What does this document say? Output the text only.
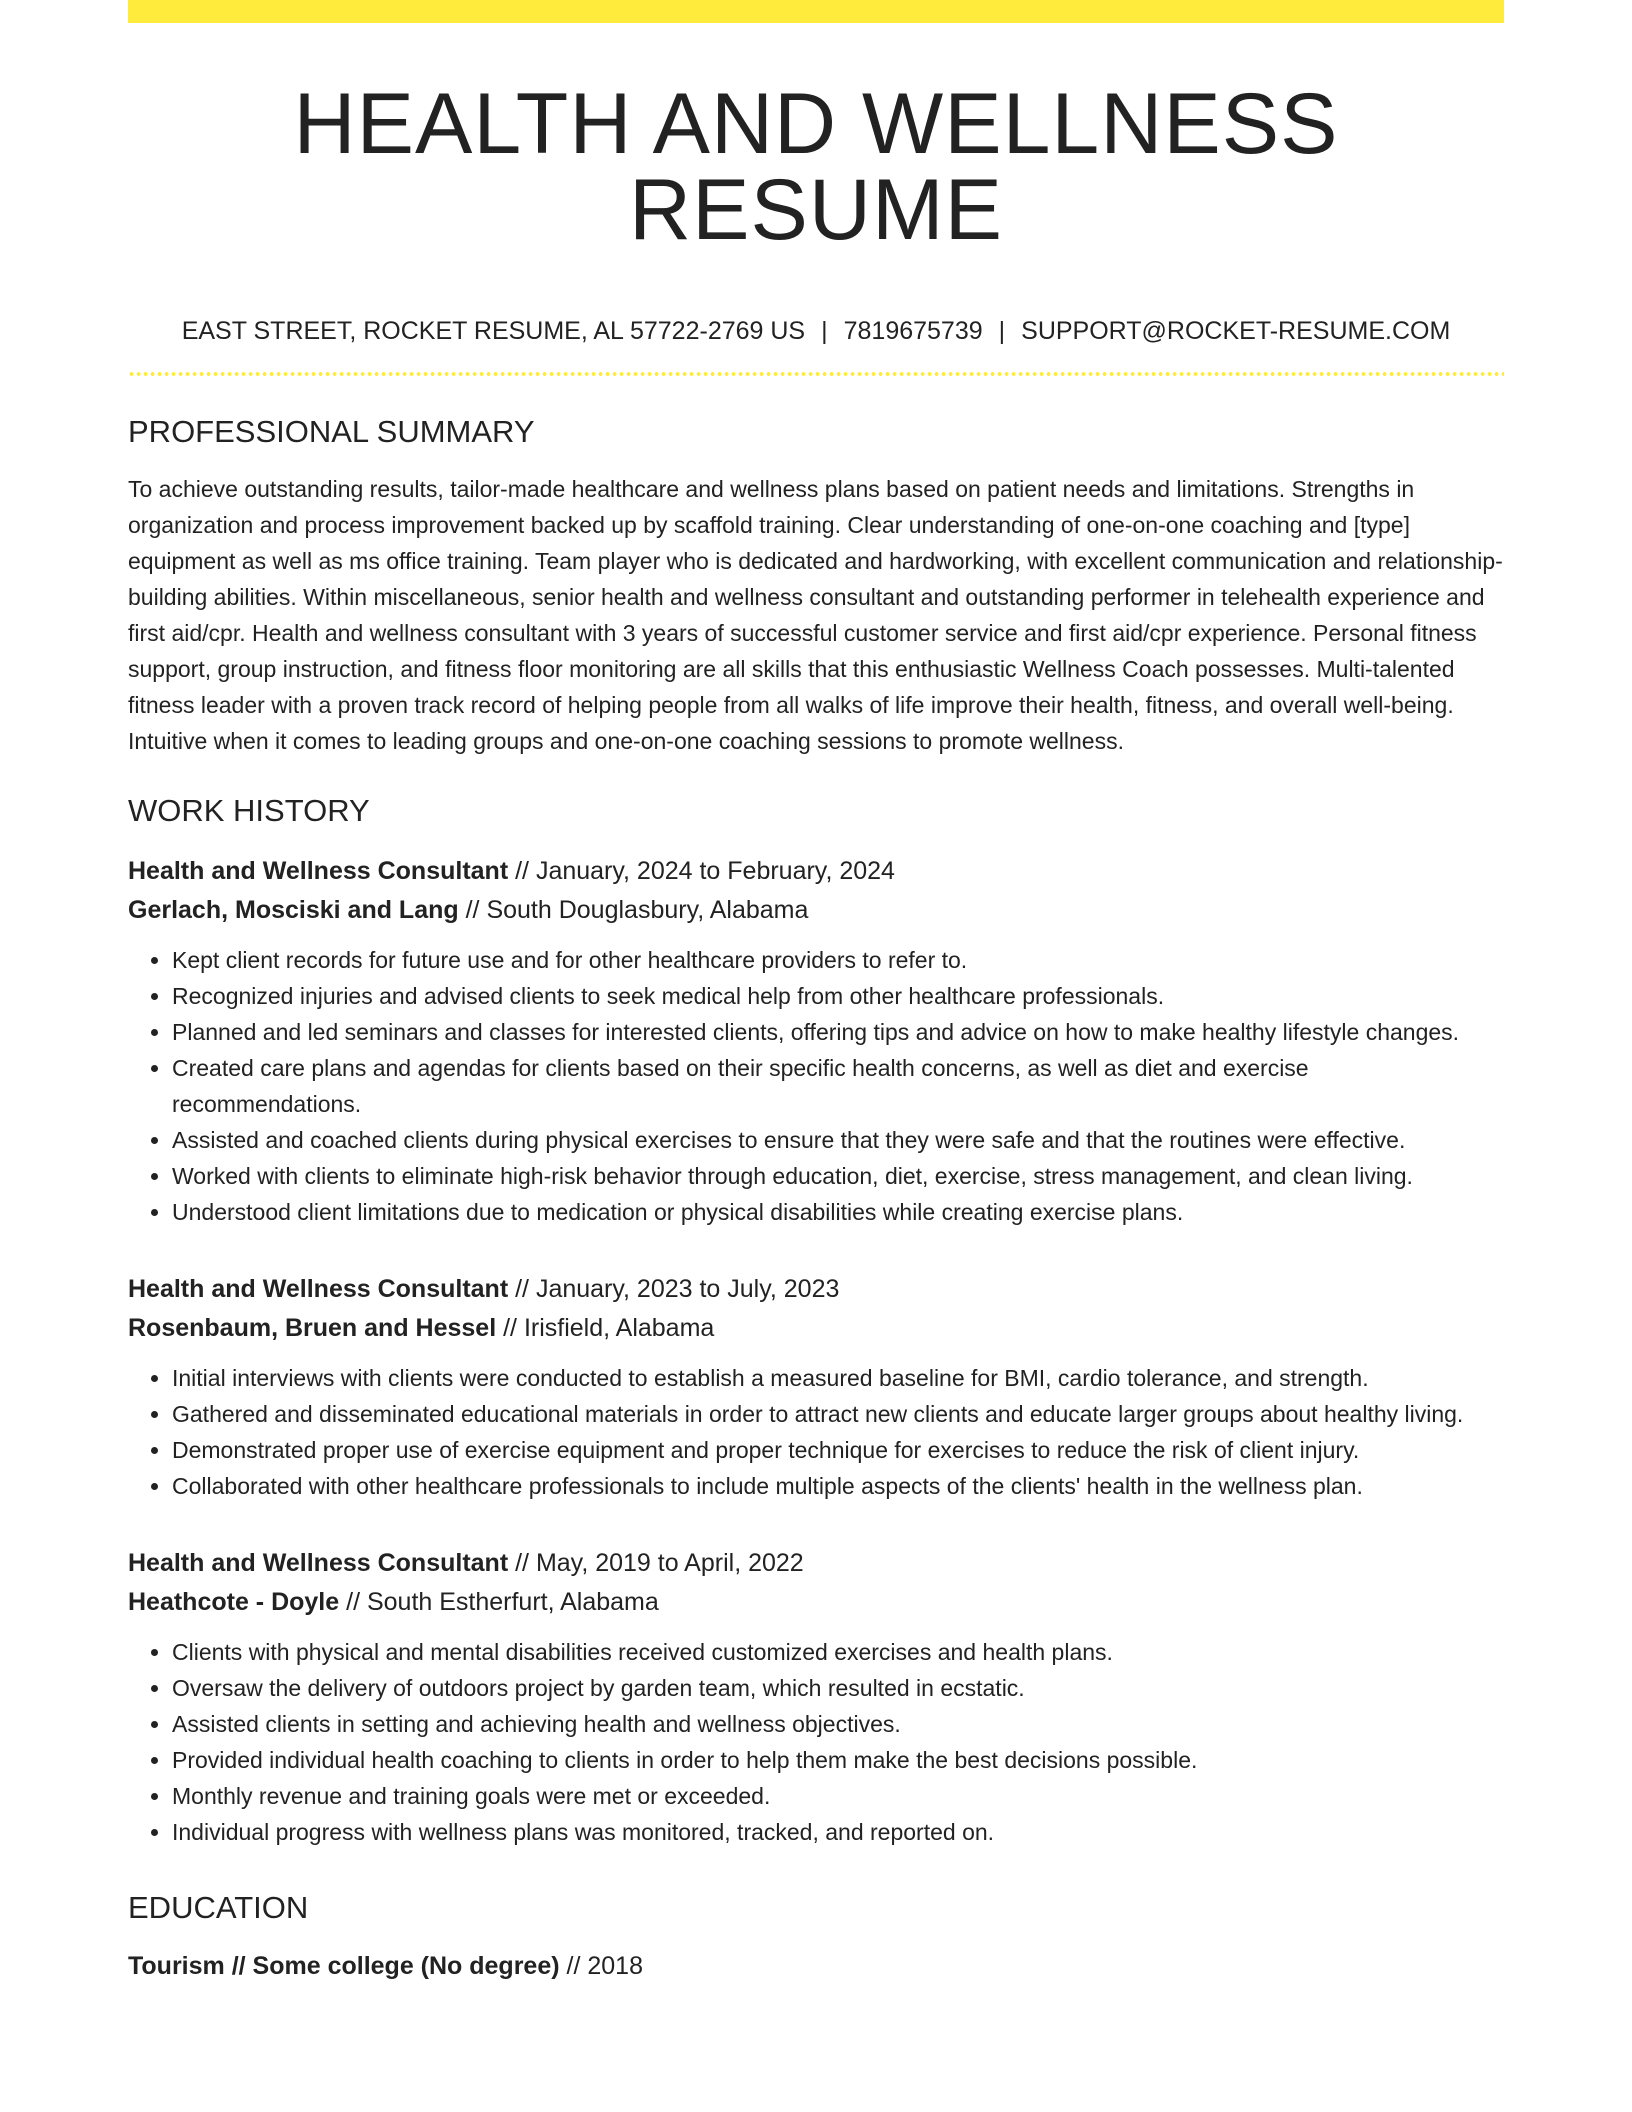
HEALTH AND WELLNESS RESUME
EAST STREET, ROCKET RESUME, AL 57722-2769 US | 7819675739 | SUPPORT@ROCKET-RESUME.COM
PROFESSIONAL SUMMARY

To achieve outstanding results, tailor-made healthcare and wellness plans based on patient needs and limitations. Strengths in organization and process improvement backed up by scaffold training. Clear understanding of one-on-one coaching and [type] equipment as well as ms office training. Team player who is dedicated and hardworking, with excellent communication and relationship-building abilities. Within miscellaneous, senior health and wellness consultant and outstanding performer in telehealth experience and first aid/cpr. Health and wellness consultant with 3 years of successful customer service and first aid/cpr experience. Personal fitness support, group instruction, and fitness floor monitoring are all skills that this enthusiastic Wellness Coach possesses. Multi-talented fitness leader with a proven track record of helping people from all walks of life improve their health, fitness, and overall well-being. Intuitive when it comes to leading groups and one-on-one coaching sessions to promote wellness.

WORK HISTORY
Health and Wellness Consultant // January, 2024 to February, 2024
Gerlach, Mosciski and Lang // South Douglasbury, Alabama
• Kept client records for future use and for other healthcare providers to refer to.
• Recognized injuries and advised clients to seek medical help from other healthcare professionals.
• Planned and led seminars and classes for interested clients, offering tips and advice on how to make healthy lifestyle changes.
• Created care plans and agendas for clients based on their specific health concerns, as well as diet and exercise recommendations.
• Assisted and coached clients during physical exercises to ensure that they were safe and that the routines were effective.
• Worked with clients to eliminate high-risk behavior through education, diet, exercise, stress management, and clean living.
• Understood client limitations due to medication or physical disabilities while creating exercise plans.
Health and Wellness Consultant // January, 2023 to July, 2023
Rosenbaum, Bruen and Hessel // Irisfield, Alabama
• Initial interviews with clients were conducted to establish a measured baseline for BMI, cardio tolerance, and strength.
• Gathered and disseminated educational materials in order to attract new clients and educate larger groups about healthy living.
• Demonstrated proper use of exercise equipment and proper technique for exercises to reduce the risk of client injury.
• Collaborated with other healthcare professionals to include multiple aspects of the clients' health in the wellness plan.
Health and Wellness Consultant // May, 2019 to April, 2022
Heathcote - Doyle // South Estherfurt, Alabama
• Clients with physical and mental disabilities received customized exercises and health plans.
• Oversaw the delivery of outdoors project by garden team, which resulted in ecstatic.
• Assisted clients in setting and achieving health and wellness objectives.
• Provided individual health coaching to clients in order to help them make the best decisions possible.
• Monthly revenue and training goals were met or exceeded.
• Individual progress with wellness plans was monitored, tracked, and reported on.
EDUCATION
Tourism // Some college (No degree) // 2018
